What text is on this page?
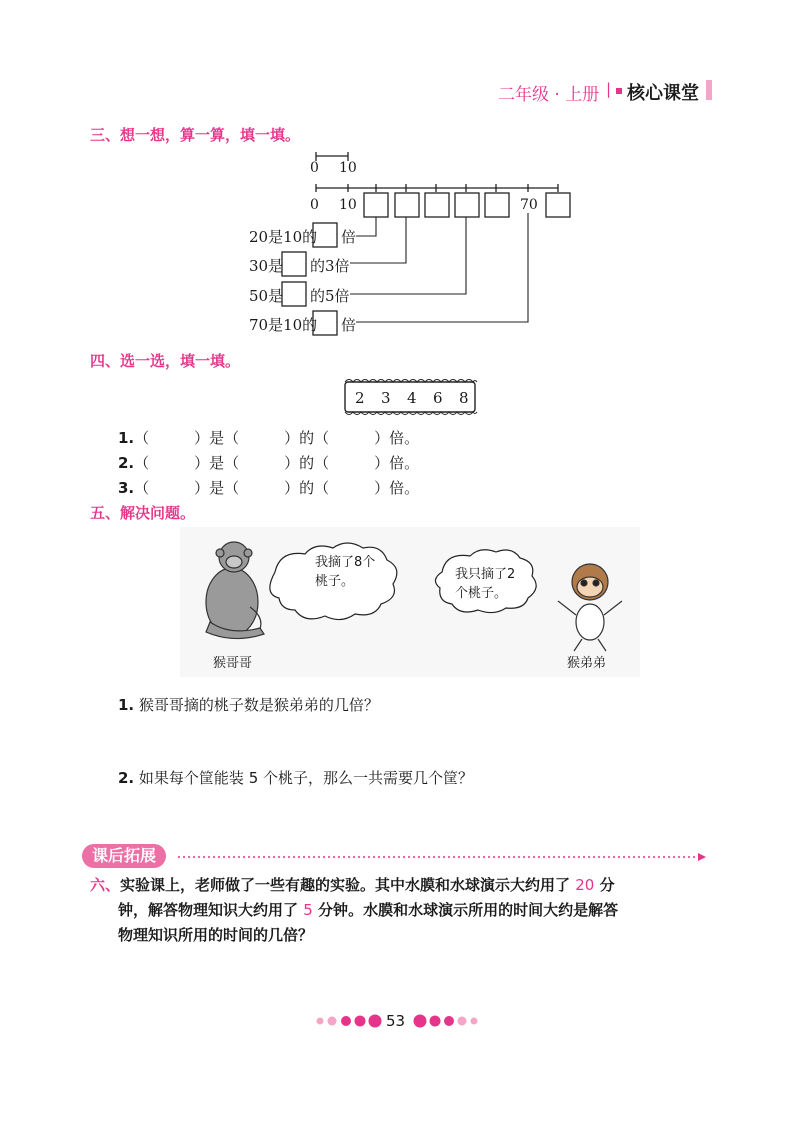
二年级 · 上册 | 核心课堂
三、想一想，算一算，填一填。
0 10
0 10	70
20是10的 倍
30是 的3倍
50是 的5倍
70是10的 倍
四、选一选，填一填。
2 3 4 6 8
1.（　　　）是（　　　）的（　　　）倍。
2.（　　　）是（　　　）的（　　　）倍。
3.（　　　）是（　　　）的（　　　）倍。
五、解决问题。
我摘了8个
桃子。	我只摘了2
个桃子。
猴哥哥	猴弟弟
1. 猴哥哥摘的桃子数是猴弟弟的几倍？
2. 如果每个筐能装 5 个桃子，那么一共需要几个筐？
课后拓展
六、实验课上，老师做了一些有趣的实验。其中水膜和水球演示大约用了 20 分
钟，解答物理知识大约用了 5 分钟。水膜和水球演示所用的时间大约是解答
物理知识所用的时间的几倍？
53
